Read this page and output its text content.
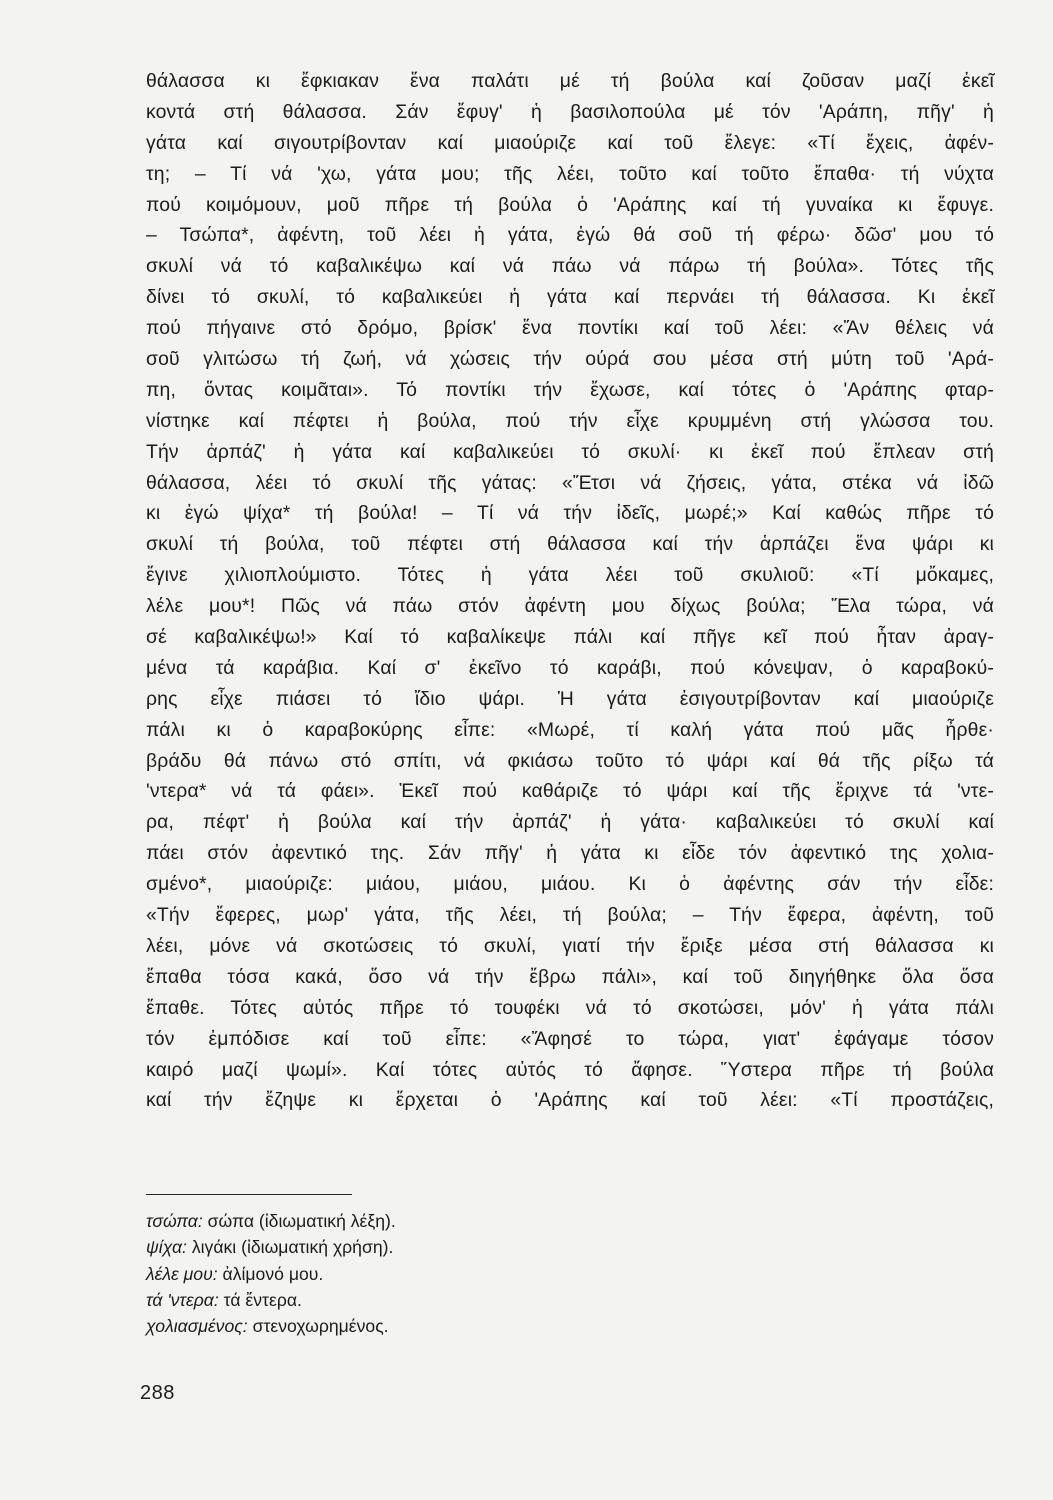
θάλασσα κι ἔφκιακαν ἕνα παλάτι μέ τή βούλα καί ζοῦσαν μαζί ἐκεῖ
κοντά στή θάλασσα. Σάν ἔφυγ' ἡ βασιλοπούλα μέ τόν 'Αράπη, πῆγ' ἡ
γάτα καί σιγουτρίβονταν καί μιαούριζε καί τοῦ ἔλεγε: «Τί ἔχεις, ἀφέν-
τη; – Τί νά 'χω, γάτα μου; τῆς λέει, τοῦτο καί τοῦτο ἔπαθα· τή νύχτα
πού κοιμόμουν, μοῦ πῆρε τή βούλα ὁ 'Αράπης καί τή γυναίκα κι ἔφυγε.
– Τσώπα*, ἀφέντη, τοῦ λέει ἡ γάτα, ἐγώ θά σοῦ τή φέρω· δῶσ' μου τό
σκυλί νά τό καβαλικέψω καί νά πάω νά πάρω τή βούλα». Τότες τῆς
δίνει τό σκυλί, τό καβαλικεύει ἡ γάτα καί περνάει τή θάλασσα. Κι ἐκεῖ
πού πήγαινε στό δρόμο, βρίσκ' ἕνα ποντίκι καί τοῦ λέει: «Ἄν θέλεις νά
σοῦ γλιτώσω τή ζωή, νά χώσεις τήν ούρά σου μέσα στή μύτη τοῦ 'Αρά-
πη, ὅντας κοιμᾶται». Τό ποντίκι τήν ἔχωσε, καί τότες ὁ 'Αράπης φταρ-
νίστηκε καί πέφτει ἡ βούλα, πού τήν εἶχε κρυμμένη στή γλώσσα του.
Τήν ἁρπάζ' ἡ γάτα καί καβαλικεύει τό σκυλί· κι ἐκεῖ πού ἔπλεαν στή
θάλασσα, λέει τό σκυλί τῆς γάτας: «Ἔτσι νά ζήσεις, γάτα, στέκα νά ἰδῶ
κι ἐγώ ψίχα* τή βούλα! – Τί νά τήν ἰδεῖς, μωρέ;» Καί καθώς πῆρε τό
σκυλί τή βούλα, τοῦ πέφτει στή θάλασσα καί τήν ἁρπάζει ἕνα ψάρι κι
ἔγινε χιλιοπλούμιστο. Τότες ἡ γάτα λέει τοῦ σκυλιοῦ: «Τί μὄκαμες,
λέλε μου*! Πῶς νά πάω στόν ἀφέντη μου δίχως βούλα; Ἔλα τώρα, νά
σέ καβαλικέψω!» Καί τό καβαλίκεψε πάλι καί πῆγε κεῖ πού ἦταν ἀραγ-
μένα τά καράβια. Καί σ' ἐκεῖνο τό καράβι, πού κόνεψαν, ὁ καραβοκύ-
ρης εἶχε πιάσει τό ἴδιο ψάρι. Ἡ γάτα ἐσιγουτρίβονταν καί μιαούριζε
πάλι κι ὁ καραβοκύρης εἶπε: «Μωρέ, τί καλή γάτα πού μᾶς ἦρθε·
βράδυ θά πάνω στό σπίτι, νά φκιάσω τοῦτο τό ψάρι καί θά τῆς ρίξω τά
'ντερα* νά τά φάει». Ἐκεῖ πού καθάριζε τό ψάρι καί τῆς ἔριχνε τά 'ντε-
ρα, πέφτ' ἡ βούλα καί τήν ἁρπάζ' ἡ γάτα· καβαλικεύει τό σκυλί καί
πάει στόν ἀφεντικό της. Σάν πῆγ' ἡ γάτα κι εἶδε τόν ἀφεντικό της χολια-
σμένο*, μιαούριζε: μιάου, μιάου, μιάου. Κι ὁ ἀφέντης σάν τήν εἶδε:
«Τήν ἔφερες, μωρ' γάτα, τῆς λέει, τή βούλα; – Τήν ἔφερα, ἀφέντη, τοῦ
λέει, μόνε νά σκοτώσεις τό σκυλί, γιατί τήν ἔριξε μέσα στή θάλασσα κι
ἔπαθα τόσα κακά, ὅσο νά τήν ἔβρω πάλι», καί τοῦ διηγήθηκε ὅλα ὅσα
ἔπαθε. Τότες αὐτός πῆρε τό τουφέκι νά τό σκοτώσει, μόν' ἡ γάτα πάλι
τόν ἐμπόδισε καί τοῦ εἶπε: «Ἄφησέ το τώρα, γιατ' ἐφάγαμε τόσον
καιρό μαζί ψωμί». Καί τότες αὐτός τό ἄφησε. Ὕστερα πῆρε τή βούλα
καί τήν ἔζηψε κι ἔρχεται ὁ 'Αράπης καί τοῦ λέει: «Τί προστάζεις,
τσώπα: σώπα (ἰδιωματική λέξη).
ψίχα: λιγάκι (ἰδιωματική χρήση).
λέλε μου: ἀλίμονό μου.
τά 'ντερα: τά ἔντερα.
χολιασμένος: στενοχωρημένος.
288
